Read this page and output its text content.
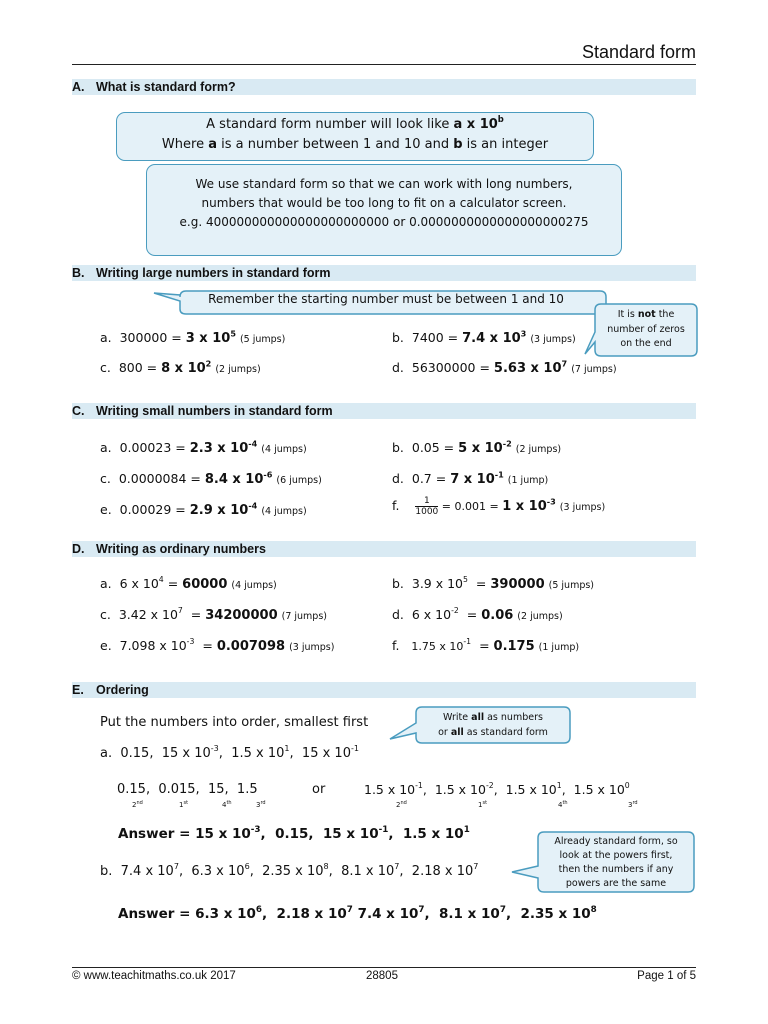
Standard form
A. What is standard form?
A standard form number will look like a x 10$^b$
Where a is a number between 1 and 10 and b is an integer
We use standard form so that we can work with long numbers,
numbers that would be too long to fit on a calculator screen.
e.g. 400000000000000000000000 or 0.0000000000000000000275
B. Writing large numbers in standard form
Remember the starting number must be between 1 and 10
It is not the
number of zeros
on the end
a. 300000 = 3 x $10^5(5$ jumps)	b. 7400 = 7.4 x $10^3(3$ jumps)
c. 800 = 8 x $10^2(2$ jumps)	d. 56300000 = 5.63 x $10^7(7$ jumps)
C. Writing small numbers in standard form
a. 0.00023 = 2.3 x $10^{-4}(4$ jumps)	b. 0.05 = 5 x $10^{-2}(2$ jumps)
c. 0.0000084 = 8.4 x $10^{-6}(6$ jumps)	d. 0.7 = 7 x $10^{-1}(1$ jump)
e. 0.00029 = 2.9 x $10^{-4}(4$ jumps)	f. $\frac{1}{1000} = 0.001 = 1$ x $10^{-3}(3$ jumps)
D. Writing as ordinary numbers
a. 6 x $10^4 = 60000$ (4 jumps)	b. 3.9 x $10^5 = 390000$ (5 jumps)
c. 3.42 x $10^7 = 34200000$ (7 jumps)	d. 6 x $10^{-2} = 0.06$ (2 jumps)
e. 7.098 x $10^{-3} = 0.007098$ (3 jumps)	f. 1.75 x $10^{-1} = 0.175$ (1 jump)
E. Ordering
Put the numbers into order, smallest first	Write all as numbers
or all as standard form
a. 0.15, 15 x $10^{-3}$, 1.5 x $10^1$, 15 x $10^{-1}$
0.15, 0.015, 15, 1.5
2nd	1st	4th	3rd
or	1.5 x $10^{-1}$, 1.5 x $10^{-2}$, 1.5 x $10^1$, 1.5 x $10^0$
2nd	1st	4th	3rd
Answer = 15 x $10^{-3}$,  0.15,  15 x $10^{-1}$,  1.5 x $10^1$
b. 7.4 x $10^7$,  6.3 x $10^6$,  2.35 x $10^8$,  8.1 x $10^7$,  2.18 x $10^7$
Already standard form, so
look at the powers first,
then the numbers if any
powers are the same
Answer = 6.3 x $10^6$,  2.18 x $10^7$ 7.4 x $10^7$,  8.1 x $10^7$,  2.35 x $10^8$
© www.teachitmaths.co.uk 2017	28805	Page 1 of 5
